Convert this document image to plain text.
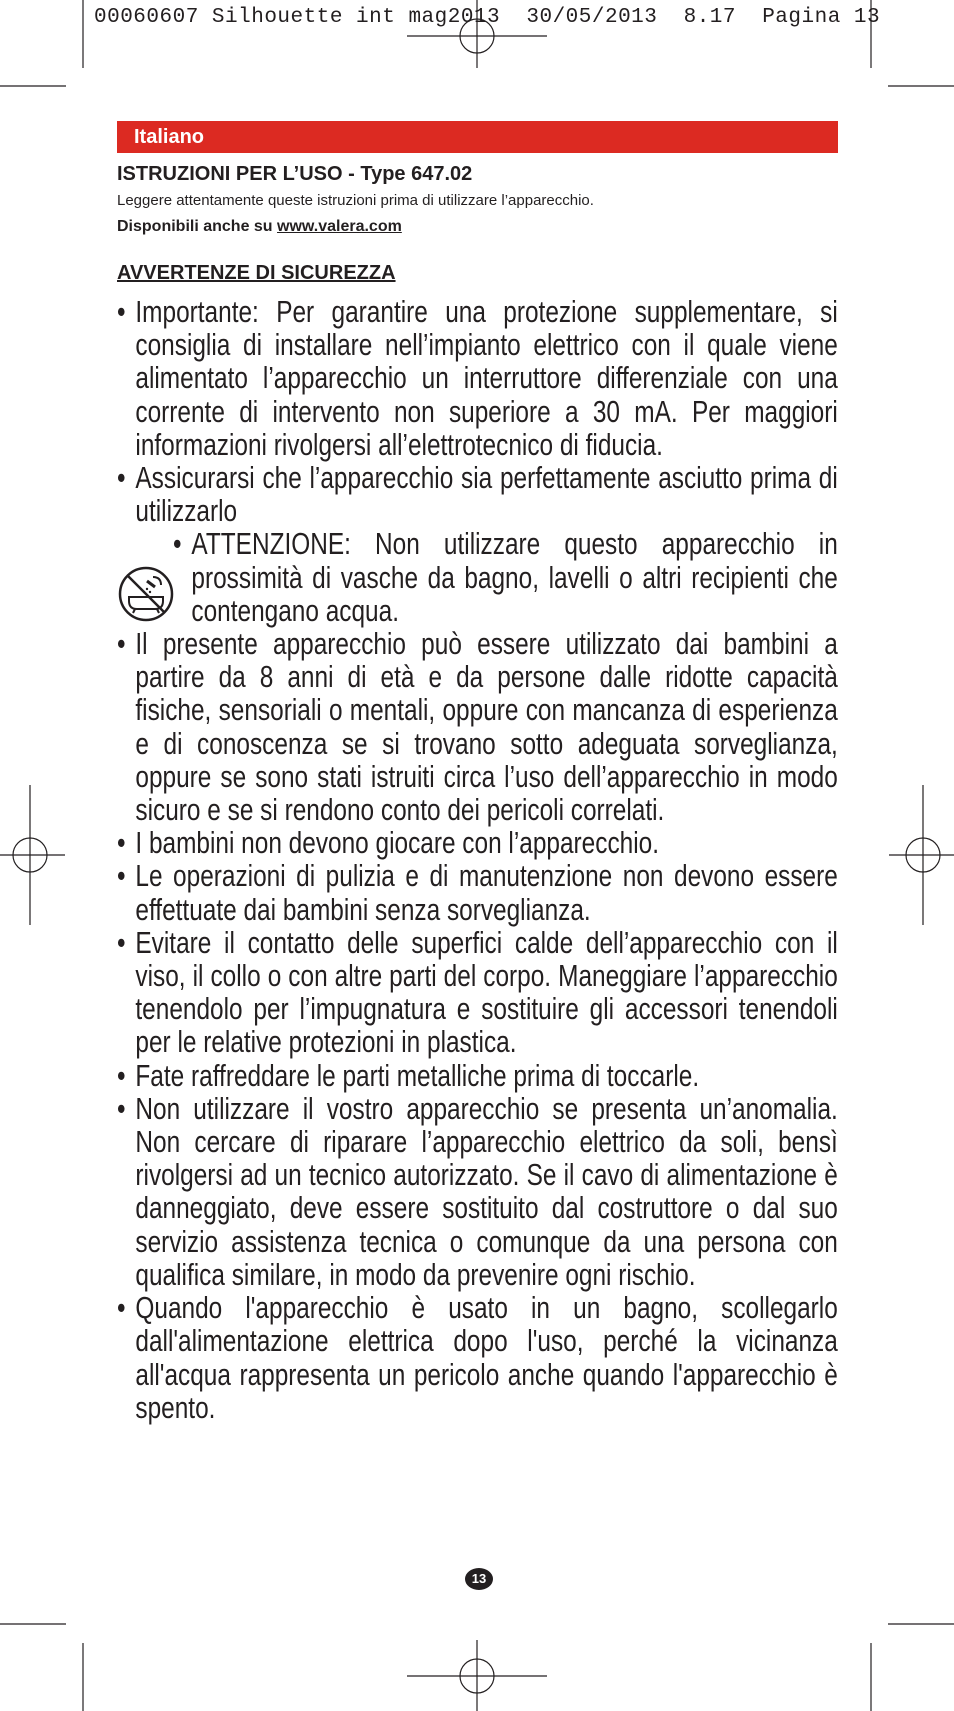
00060607 Silhouette int mag2013  30/05/2013  8.17  Pagina 13
Italiano
ISTRUZIONI PER L’USO - Type 647.02
Leggere attentamente queste istruzioni prima di utilizzare l’apparecchio.
Disponibili anche su www.valera.com
AVVERTENZE DI SICUREZZA
• Importante: Per garantire una protezione supplementare, si consiglia di installare nell’impianto elettrico con il quale viene alimentato l’apparecchio un interruttore differenziale con una corrente di intervento non superiore a 30 mA. Per maggiori informazioni rivolgersi all’elettrotecnico di fiducia.
• Assicurarsi che l’apparecchio sia perfettamente asciutto prima di utilizzarlo
• ATTENZIONE: Non utilizzare questo apparecchio in prossimità di vasche da bagno, lavelli o altri recipienti che contengano acqua.
• Il presente apparecchio può essere utilizzato dai bambini a partire da 8 anni di età e da persone dalle ridotte capacità fisiche, sensoriali o mentali, oppure con mancanza di esperienza e di conoscenza se si trovano sotto adeguata sorveglianza, oppure se sono stati istruiti circa l’uso dell’apparecchio in modo sicuro e se si rendono conto dei pericoli correlati.
• I bambini non devono giocare con l’apparecchio.
• Le operazioni di pulizia e di manutenzione non devono essere effettuate dai bambini senza sorveglianza.
• Evitare il contatto delle superfici calde dell’apparecchio con il viso, il collo o con altre parti del corpo. Maneggiare l’apparecchio tenendolo per l’impugnatura e sostituire gli accessori tenendoli per le relative protezioni in plastica.
• Fate raffreddare le parti metalliche prima di toccarle.
• Non utilizzare il vostro apparecchio se presenta un’anomalia. Non cercare di riparare l’apparecchio elettrico da soli, bensì rivolgersi ad un tecnico autorizzato. Se il cavo di alimentazione è danneggiato, deve essere sostituito dal costruttore o dal suo servizio assistenza tecnica o comunque da una persona con qualifica similare, in modo da prevenire ogni rischio.
• Quando l'apparecchio è usato in un bagno, scollegarlo dall'alimentazione elettrica dopo l'uso, perché la vicinanza all'acqua rappresenta un pericolo anche quando l'apparecchio è spento.
13
